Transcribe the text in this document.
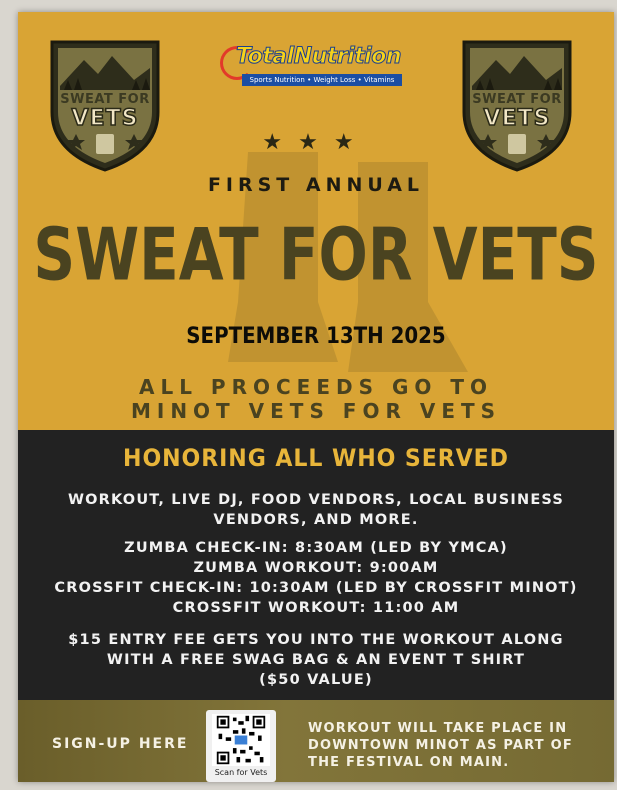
SWEAT FOR
VETS
SWEAT FOR
VETS
TotalNutrition
Sports Nutrition • Weight Loss • Vitamins
★★★
FIRST ANNUAL
SWEAT FOR VETS
SEPTEMBER 13TH 2025
ALL PROCEEDS GO TO
MINOT VETS FOR VETS
HONORING ALL WHO SERVED
WORKOUT, LIVE DJ, FOOD VENDORS, LOCAL BUSINESS
VENDORS, AND MORE.
ZUMBA CHECK-IN: 8:30AM (LED BY YMCA)
ZUMBA WORKOUT: 9:00AM
CROSSFIT CHECK-IN: 10:30AM (LED BY CROSSFIT MINOT)
CROSSFIT WORKOUT: 11:00 AM
$15 ENTRY FEE GETS YOU INTO THE WORKOUT ALONG
WITH A FREE SWAG BAG & AN EVENT T SHIRT
($50 VALUE)
SIGN-UP HERE
Scan for Vets
WORKOUT WILL TAKE PLACE IN
DOWNTOWN MINOT AS PART OF
THE FESTIVAL ON MAIN.
